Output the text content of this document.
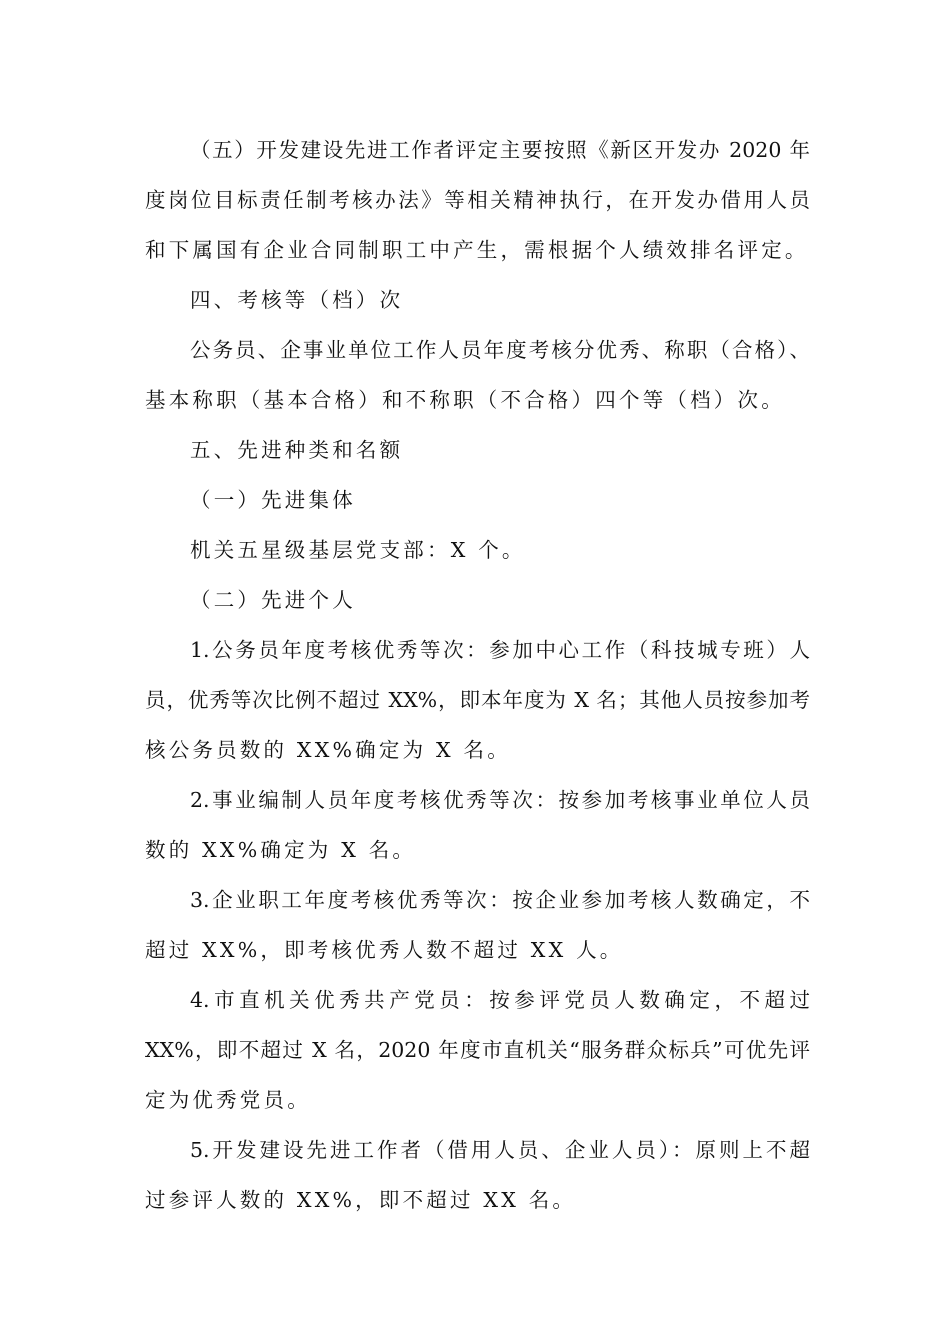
（五）开发建设先进工作者评定主要按照《新区开发办 2020 年
度岗位目标责任制考核办法》等相关精神执行，在开发办借用人员
和下属国有企业合同制职工中产生，需根据个人绩效排名评定。
四、考核等（档）次
公务员、企事业单位工作人员年度考核分优秀、称职（合格）、
基本称职（基本合格）和不称职（不合格）四个等（档）次。
五、先进种类和名额
（一）先进集体
机关五星级基层党支部：X 个。
（二）先进个人
1.公务员年度考核优秀等次：参加中心工作（科技城专班）人
员，优秀等次比例不超过 XX%，即本年度为 X 名；其他人员按参加考
核公务员数的 XX%确定为 X 名。
2.事业编制人员年度考核优秀等次：按参加考核事业单位人员
数的 XX%确定为 X 名。
3.企业职工年度考核优秀等次：按企业参加考核人数确定，不
超过 XX%，即考核优秀人数不超过 XX 人。
4.市直机关优秀共产党员：按参评党员人数确定，不超过
XX%，即不超过 X 名，2020 年度市直机关“服务群众标兵”可优先评
定为优秀党员。
5.开发建设先进工作者（借用人员、企业人员）：原则上不超
过参评人数的 XX%，即不超过 XX 名。
